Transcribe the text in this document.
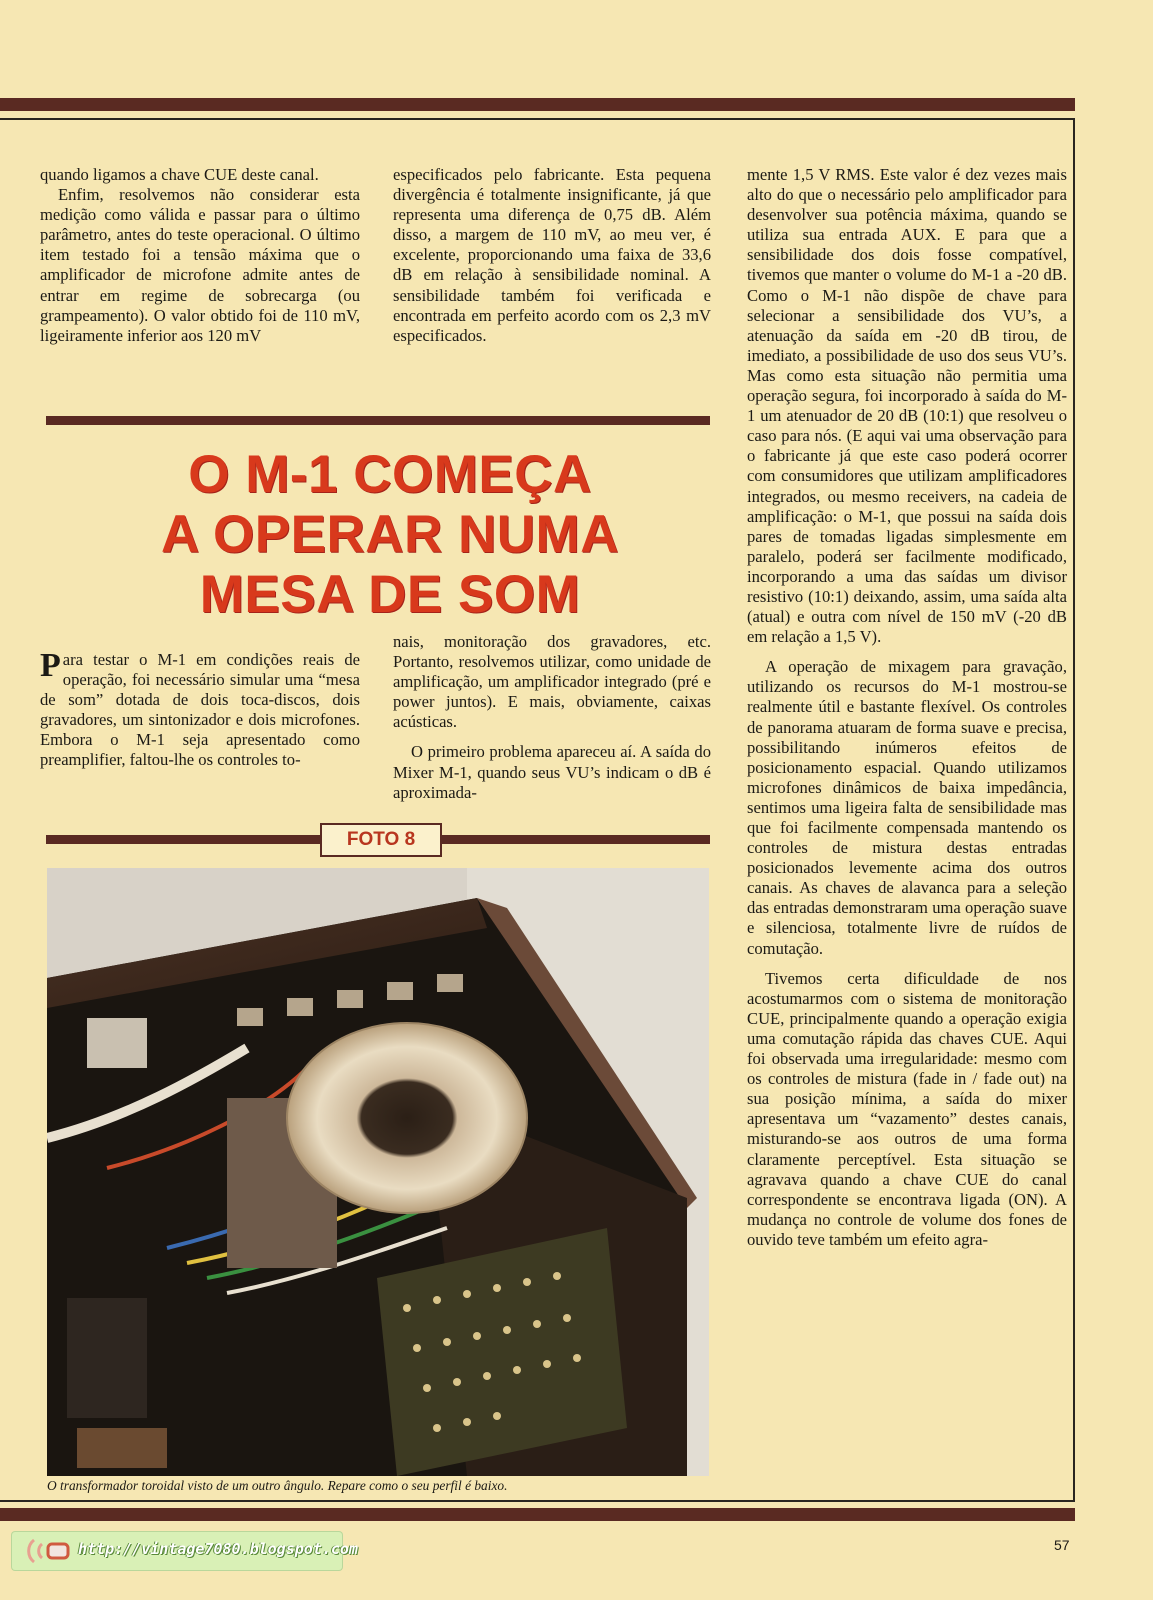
quando ligamos a chave CUE deste canal.

Enfim, resolvemos não considerar esta medição como válida e passar para o último parâmetro, antes do teste operacional. O último item testado foi a tensão máxima que o amplificador de microfone admite antes de entrar em regime de sobrecarga (ou grampeamento). O valor obtido foi de 110 mV, ligeiramente inferior aos 120 mV

especificados pelo fabricante. Esta pequena divergência é totalmente insignificante, já que representa uma diferença de 0,75 dB. Além disso, a margem de 110 mV, ao meu ver, é excelente, proporcionando uma faixa de 33,6 dB em relação à sensibilidade nominal. A sensibilidade também foi verificada e encontrada em perfeito acordo com os 2,3 mV especificados.

O M-1 COMEÇA
A OPERAR NUMA
MESA DE SOM

Para testar o M-1 em condições reais de operação, foi necessário simular uma “mesa de som” dotada de dois toca-discos, dois gravadores, um sintonizador e dois microfones. Embora o M-1 seja apresentado como preamplifier, faltou-lhe os controles to-

nais, monitoração dos gravadores, etc. Portanto, resolvemos utilizar, como unidade de amplificação, um amplificador integrado (pré e power juntos). E mais, obviamente, caixas acústicas.

O primeiro problema apareceu aí. A saída do Mixer M-1, quando seus VU’s indicam o dB é aproximada-

FOTO 8
O transformador toroidal visto de um outro ângulo. Repare como o seu perfil é baixo.

mente 1,5 V RMS. Este valor é dez vezes mais alto do que o necessário pelo amplificador para desenvolver sua potência máxima, quando se utiliza sua entrada AUX. E para que a sensibilidade dos dois fosse compatível, tivemos que manter o volume do M-1 a -20 dB. Como o M-1 não dispõe de chave para selecionar a sensibilidade dos VU’s, a atenuação da saída em -20 dB tirou, de imediato, a possibilidade de uso dos seus VU’s. Mas como esta situação não permitia uma operação segura, foi incorporado à saída do M-1 um atenuador de 20 dB (10:1) que resolveu o caso para nós. (E aqui vai uma observação para o fabricante já que este caso poderá ocorrer com consumidores que utilizam amplificadores integrados, ou mesmo receivers, na cadeia de amplificação: o M-1, que possui na saída dois pares de tomadas ligadas simplesmente em paralelo, poderá ser facilmente modificado, incorporando a uma das saídas um divisor resistivo (10:1) deixando, assim, uma saída alta (atual) e outra com nível de 150 mV (-20 dB em relação a 1,5 V).

A operação de mixagem para gravação, utilizando os recursos do M-1 mostrou-se realmente útil e bastante flexível. Os controles de panorama atuaram de forma suave e precisa, possibilitando inúmeros efeitos de posicionamento espacial. Quando utilizamos microfones dinâmicos de baixa impedância, sentimos uma ligeira falta de sensibilidade mas que foi facilmente compensada mantendo os controles de mistura destas entradas posicionados levemente acima dos outros canais. As chaves de alavanca para a seleção das entradas demonstraram uma operação suave e silenciosa, totalmente livre de ruídos de comutação.

Tivemos certa dificuldade de nos acostumarmos com o sistema de monitoração CUE, principalmente quando a operação exigia uma comutação rápida das chaves CUE. Aqui foi observada uma irregularidade: mesmo com os controles de mistura (fade in / fade out) na sua posição mínima, a saída do mixer apresentava um “vazamento” destes canais, misturando-se aos outros de uma forma claramente perceptível. Esta situação se agravava quando a chave CUE do canal correspondente se encontrava ligada (ON). A mudança no controle de volume dos fones de ouvido teve também um efeito agra-

http://vintage7080.blogspot.com	57
